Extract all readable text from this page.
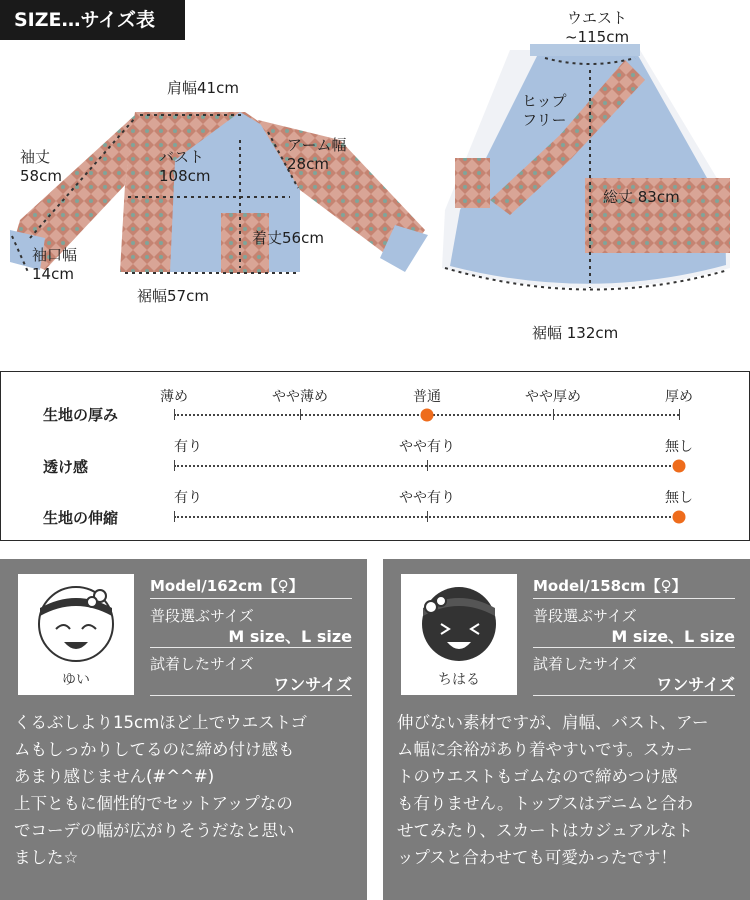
SIZE…サイズ表
肩幅41cm
袖丈
58cm
バスト
108cm
アーム幅
28cm
着丈56cm
袖口幅
14cm
裾幅57cm
ウエスト
~115cm
ヒップ
フリー
総丈 83cm
裾幅 132cm
生地の厚み
薄め	やや薄め	普通	やや厚め	厚め
透け感
有り	やや有り	無し
生地の伸縮
有り	やや有り	無し
ゆい
Model/162cm【♀】
普段選ぶサイズ
M size、L size
試着したサイズ
ワンサイズ
くるぶしより15cmほど上でウエストゴ
ムもしっかりしてるのに締め付け感も
あまり感じません(#^^#)
上下ともに個性的でセットアップなの
でコーデの幅が広がりそうだなと思い
ました☆
ちはる
Model/158cm【♀】
普段選ぶサイズ
M size、L size
試着したサイズ
ワンサイズ
伸びない素材ですが、肩幅、バスト、アー
ム幅に余裕があり着やすいです。スカー
トのウエストもゴムなので締めつけ感
も有りません。トップスはデニムと合わ
せてみたり、スカートはカジュアルなト
ップスと合わせても可愛かったです！
